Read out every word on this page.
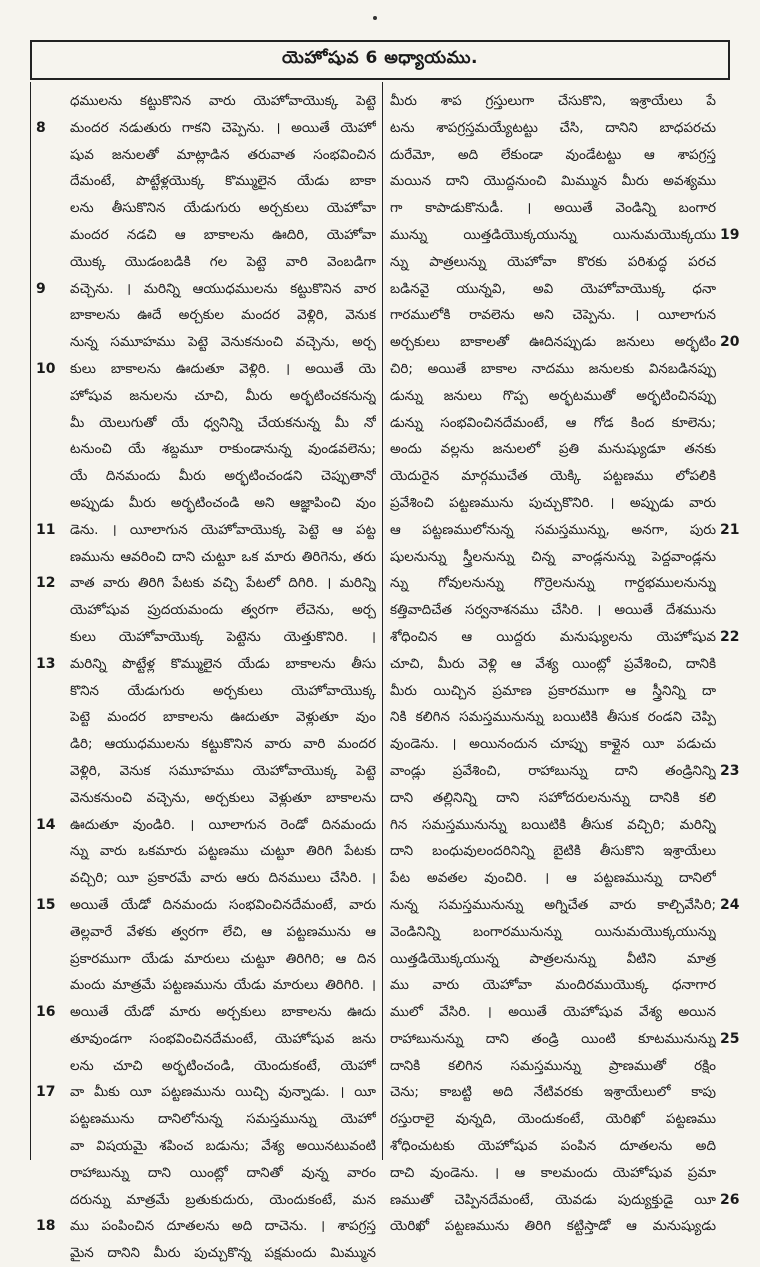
యెహోషువ 6 అధ్యాయము.
ధములను కట్టుకొనిన వారు యెహోవాయొక్క పెట్టె
8 మందర నడుతురు గాకని చెప్పెను. । అయితే యెహో
షువ జనులతో మాట్లాడిన తరువాత సంభవించిన
దేమంటే, పొట్టేళ్లయొక్క కొమ్ములైన యేడు బాకా
లను తీసుకొనిన యేడుగురు అర్చకులు యెహోవా
మందర నడచి ఆ బాకాలను ఊదిరి, యెహోవా
యొక్క యొడంబడికి గల పెట్టె వారి వెంబడిగా
9 వచ్చెను. । మరిన్ని ఆయుధములను కట్టుకొనిన వార
బాకాలను ఊదే అర్చకుల మందర వెళ్లిరి, వెనుక
నున్న సమూహము పెట్టె వెనుకనుంచి వచ్చెను, అర్చ
10 కులు బాకాలను ఊదుతూ వెళ్లిరి. । అయితే యె
హోషువ జనులను చూచి, మీరు అర్భటించకనున్న
మీ యెలుగుతో యే ధ్వనిన్ని చేయకనున్న మీ నో
టనుంచి యే శబ్దమూ రాకుండానున్న వుండవలెను;
యే దినమందు మీరు అర్భటించండని చెప్పుతానో
అప్పుడు మీరు అర్భటించండి అని ఆజ్ఞాపించి వుం
11 డెను. । యీలాగున యెహోవాయొక్క పెట్టె ఆ పట్ట
ణమును ఆవరించి దాని చుట్టూ ఒక మారు తిరిగెను, తరు
12 వాత వారు తిరిగి పేటకు వచ్చి పేటలో దిగిరి. । మరిన్ని
యెహోషువ ప్రుదయమందు త్వరగా లేచెను, అర్చ
కులు యెహోవాయొక్క పెట్టెను యెత్తుకొనిరి. ।
13 మరిన్ని పొట్టేళ్ల కొమ్ములైన యేడు బాకాలను తీసు
కొనిన యేడుగురు అర్చకులు యెహోవాయొక్క
పెట్టె మందర బాకాలను ఊదుతూ వెళ్లుతూ వుం
డిరి; ఆయుధములను కట్టుకొనిన వారు వారి మందర
వెళ్లిరి, వెనుక సమూహము యెహోవాయొక్క పెట్టె
వెనుకనుంచి వచ్చెను, అర్చకులు వెళ్లుతూ బాకాలను
14 ఊదుతూ వుండిరి. । యీలాగున రెండో దినమందు
న్ను వారు ఒకమారు పట్టణము చుట్టూ తిరిగి పేటకు
వచ్చిరి; యీ ప్రకారమే వారు ఆరు దినములు చేసిరి. ।
15 అయితే యేడో దినమందు సంభవించినదేమంటే, వారు
తెల్లవారే వేళకు త్వరగా లేచి, ఆ పట్టణమును ఆ
ప్రకారముగా యేడు మారులు చుట్టూ తిరిగిరి; ఆ దిన
మందు మాత్రమే పట్టణమును యేడు మారులు తిరిగిరి. ।
16 అయితే యేడో మారు అర్చకులు బాకాలను ఊదు
తూవుండగా సంభవించినదేమంటే, యెహోషువ జను
లను చూచి అర్భటించండి, యెందుకంటే, యెహో
17 వా మీకు యీ పట్టణమును యిచ్చి వున్నాడు. । యీ
పట్టణమును దానిలోనున్న సమస్తమున్ను యెహో
వా విషయమై శపించ బడును; వేశ్య అయినటువంటి
రాహాబున్ను దాని యింట్లో దానితో వున్న వారం
దరున్ను మాత్రమే బ్రతుకుదురు, యెందుకంటే, మన
18 ము పంపించిన దూతలను అది దాచెను. । శాపగ్రస్త
మైన దానిని మీరు పుచ్చుకొన్న పక్షమందు మిమ్మున
మీరు శాప గ్రస్తులుగా చేసుకొని, ఇశ్రాయేలు పే
టను శాపగ్రస్తమయ్యేటట్టు చేసి, దానిని బాధపరచు
దురేమో, అది లేకుండా వుండేటట్టు ఆ శాపగ్రస్త
మయిన దాని యొద్దనుంచి మిమ్మున మీరు అవశ్యము
గా కాపాడుకొనుడీ. । అయితే వెండిన్ని బంగార
19
మున్ను యిత్తడియొక్కయున్ను యినుమయొక్కయు
న్ను పాత్రలున్ను యెహోవా కొరకు పరిశుద్ధ పరచ
బడినవై యున్నవి, అవి యెహోవాయొక్క ధనా
గారములోకి రావలెను అని చెప్పెను. । యీలాగున
20
అర్చకులు బాకాలతో ఊదినప్పుడు జనులు అర్భటిం
చిరి; అయితే బాకాల నాదము జనులకు వినబడినప్పు
డున్ను జనులు గొప్ప అర్భటముతో అర్భటించినప్పు
డున్ను సంభవించినదేమంటే, ఆ గోడ కింద కూలెను;
అందు వల్లను జనులలో ప్రతి మనుష్యుడూ తనకు
యెదురైన మార్గముచేత యెక్కి పట్టణము లోపలికి
ప్రవేశించి పట్టణమును పుచ్చుకొనిరి. । అప్పుడు వారు
21
ఆ పట్టణములోనున్న సమస్తమున్ను, అనగా, పురు
షులనున్ను స్త్రీలనున్ను చిన్న వాండ్లనున్ను పెద్దవాండ్లను
న్ను గోవులనున్ను గొర్రెలనున్ను గార్దభములనున్ను
కత్తివాదిచేత సర్వనాశనము చేసిరి. । అయితే దేశమును
22
శోధించిన ఆ యిద్దరు మనుష్యులను యెహోషువ
చూచి, మీరు వెళ్లి ఆ వేశ్య యింట్లో ప్రవేశించి, దానికి
మీరు యిచ్చిన ప్రమాణ ప్రకారముగా ఆ స్త్రీనిన్ని దా
నికి కలిగిన సమస్తమునున్ను బయిటికి తీసుక రండని చెప్పి
వుండెను. । అయినందున చూప్పు కాళ్లైన యీ పడుచు
23
వాండ్లు ప్రవేశించి, రాహాబున్ను దాని తండ్రినిన్ని
దాని తల్లినిన్ని దాని సహోదరులనున్ను దానికి కలి
గిన సమస్తమునున్ను బయిటికి తీసుక వచ్చిరి; మరిన్ని
దాని బంధువులందరినిన్ని బైటికి తీసుకొని ఇశ్రాయేలు
పేట అవతల వుంచిరి. । ఆ పట్టణమున్ను దానిలో
24
నున్న సమస్తమునున్ను అగ్నిచేత వారు కాల్చివేసిరి;
వెండినిన్ని బంగారమునున్ను యినుమయొక్కయున్ను
యిత్తడియొక్కయున్న పాత్రలనున్ను వీటిని మాత్ర
ము వారు యెహోవా మందిరముయొక్క ధనాగార
ములో వేసిరి. । అయితే యెహోషువ వేశ్య అయిన
25
రాహాబునున్ను దాని తండ్రి యింటి కూటమునున్ను
దానికి కలిగిన సమస్తమున్ను ప్రాణముతో రక్షిం
చెను; కాబట్టి అది నేటివరకు ఇశ్రాయేలులో కాపు
రస్తురాలై వున్నది, యెందుకంటే, యెరిఖో పట్టణము
శోధించుటకు యెహోషువ పంపిన దూతలను అది
దాచి వుండెను. । ఆ కాలమందు యెహోషువ ప్రమా
26
ణముతో చెప్పినదేమంటే, యెవడు పుద్యుక్తుడై యీ
యెరిఖో పట్టణమును తిరిగి కట్టిస్తాడో ఆ మనుష్యుడు
